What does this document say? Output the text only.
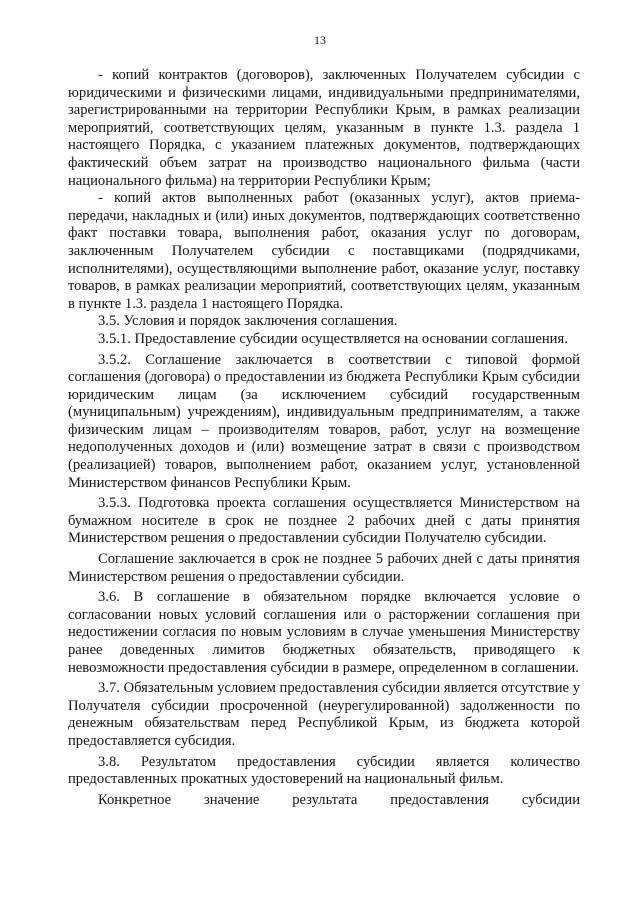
13

- копий контрактов (договоров), заключенных Получателем субсидии с юридическими и физическими лицами, индивидуальными предпринимателями, зарегистрированными на территории Республики Крым, в рамках реализации мероприятий, соответствующих целям, указанным в пункте 1.3. раздела 1 настоящего Порядка, с указанием платежных документов, подтверждающих фактический объем затрат на производство национального фильма (части национального фильма) на территории Республики Крым;

- копий актов выполненных работ (оказанных услуг), актов приема-передачи, накладных и (или) иных документов, подтверждающих соответственно факт поставки товара, выполнения работ, оказания услуг по договорам, заключенным Получателем субсидии с поставщиками (подрядчиками, исполнителями), осуществляющими выполнение работ, оказание услуг, поставку товаров, в рамках реализации мероприятий, соответствующих целям, указанным в пункте 1.3. раздела 1 настоящего Порядка.

3.5. Условия и порядок заключения соглашения.

3.5.1. Предоставление субсидии осуществляется на основании соглашения.

3.5.2. Соглашение заключается в соответствии с типовой формой соглашения (договора) о предоставлении из бюджета Республики Крым субсидии юридическим лицам (за исключением субсидий государственным (муниципальным) учреждениям), индивидуальным предпринимателям, а также физическим лицам – производителям товаров, работ, услуг на возмещение недополученных доходов и (или) возмещение затрат в связи с производством (реализацией) товаров, выполнением работ, оказанием услуг, установленной Министерством финансов Республики Крым.

3.5.3. Подготовка проекта соглашения осуществляется Министерством на бумажном носителе в срок не позднее 2 рабочих дней с даты принятия Министерством решения о предоставлении субсидии Получателю субсидии.

Соглашение заключается в срок не позднее 5 рабочих дней с даты принятия Министерством решения о предоставлении субсидии.

3.6. В соглашение в обязательном порядке включается условие о согласовании новых условий соглашения или о расторжении соглашения при недостижении согласия по новым условиям в случае уменьшения Министерству ранее доведенных лимитов бюджетных обязательств, приводящего к невозможности предоставления субсидии в размере, определенном в соглашении.

3.7. Обязательным условием предоставления субсидии является отсутствие у Получателя субсидии просроченной (неурегулированной) задолженности по денежным обязательствам перед Республикой Крым, из бюджета которой предоставляется субсидия.

3.8. Результатом предоставления субсидии является количество предоставленных прокатных удостоверений на национальный фильм.

Конкретное значение результата предоставления субсидии
